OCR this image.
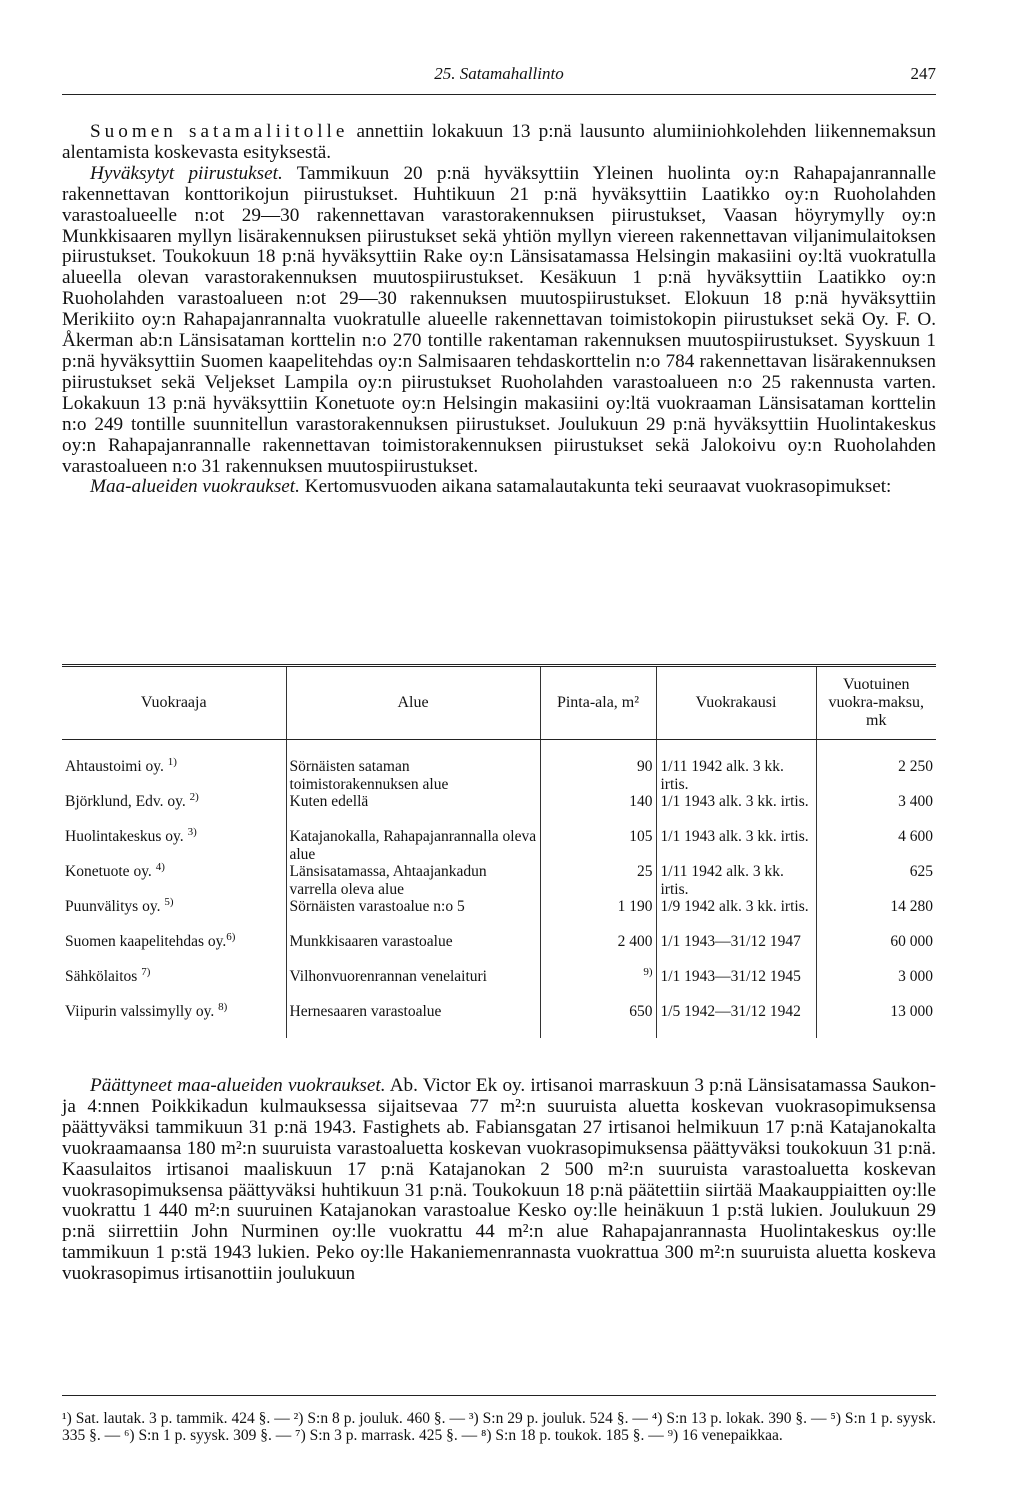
25. Satamahallinto	247

Suomen satamaliitolle annettiin lokakuun 13 p:nä lausunto alumiiniohkolehden liikennemaksun alentamista koskevasta esityksestä.

Hyväksytyt piirustukset. Tammikuun 20 p:nä hyväksyttiin Yleinen huolinta oy:n Rahapajanrannalle rakennettavan konttorikojun piirustukset. Huhtikuun 21 p:nä hyväksyttiin Laatikko oy:n Ruoholahden varastoalueelle n:ot 29—30 rakennettavan varastorakennuksen piirustukset, Vaasan höyrymylly oy:n Munkkisaaren myllyn lisärakennuksen piirustukset sekä yhtiön myllyn viereen rakennettavan viljanimulaitoksen piirustukset. Toukokuun 18 p:nä hyväksyttiin Rake oy:n Länsisatamassa Helsingin makasiini oy:ltä vuokratulla alueella olevan varastorakennuksen muutospiirustukset. Kesäkuun 1 p:nä hyväksyttiin Laatikko oy:n Ruoholahden varastoalueen n:ot 29—30 rakennuksen muutospiirustukset. Elokuun 18 p:nä hyväksyttiin Merikiito oy:n Rahapajanrannalta vuokratulle alueelle rakennettavan toimistokopin piirustukset sekä Oy. F. O. Åkerman ab:n Länsisataman korttelin n:o 270 tontille rakentaman rakennuksen muutospiirustukset. Syyskuun 1 p:nä hyväksyttiin Suomen kaapelitehdas oy:n Salmisaaren tehdaskorttelin n:o 784 rakennettavan lisärakennuksen piirustukset sekä Veljekset Lampila oy:n piirustukset Ruoholahden varastoalueen n:o 25 rakennusta varten. Lokakuun 13 p:nä hyväksyttiin Konetuote oy:n Helsingin makasiini oy:ltä vuokraaman Länsisataman korttelin n:o 249 tontille suunnitellun varastorakennuksen piirustukset. Joulukuun 29 p:nä hyväksyttiin Huolintakeskus oy:n Rahapajanrannalle rakennettavan toimistorakennuksen piirustukset sekä Jalokoivu oy:n Ruoholahden varastoalueen n:o 31 rakennuksen muutospiirustukset.

Maa-alueiden vuokraukset. Kertomusvuoden aikana satamalautakunta teki seuraavat vuokrasopimukset:

Vuokraaja	Alue	Pinta-ala, m²	Vuokrakausi	Vuotuinen vuokra-maksu, mk
Ahtaustoimi oy. $^{1)}$	Sörnäisten sataman toimistorakennuksen alue	90	1/11 1942 alk. 3 kk. irtis.	2 250
Björklund, Edv. oy. $^{2)}$	Kuten edellä	140	1/1 1943 alk. 3 kk. irtis.	3 400
Huolintakeskus oy. $^{3)}$	Katajanokalla, Rahapajanrannalla oleva alue	105	1/1 1943 alk. 3 kk. irtis.	4 600
Konetuote oy. $^{4)}$	Länsisatamassa, Ahtaajankadun varrella oleva alue	25	1/11 1942 alk. 3 kk. irtis.	625
Puunvälitys oy. $^{5)}$	Sörnäisten varastoalue n:o 5	1 190	1/9 1942 alk. 3 kk. irtis.	14 280
Suomen kaapelitehdas oy.$^{6)}$	Munkkisaaren varastoalue	2 400	1/1 1943—31/12 1947	60 000
Sähkölaitos $^{7)}$	Vilhonvuorenrannan venelaituri	$^{9)}$	1/1 1943—31/12 1945	3 000
Viipurin valssimylly oy. $^{8)}$	Hernesaaren varastoalue	650	1/5 1942—31/12 1942	13 000

Päättyneet maa-alueiden vuokraukset. Ab. Victor Ek oy. irtisanoi marraskuun 3 p:nä Länsisatamassa Saukon- ja 4:nnen Poikkikadun kulmauksessa sijaitsevaa 77 m²:n suuruista aluetta koskevan vuokrasopimuksensa päättyväksi tammikuun 31 p:nä 1943. Fastighets ab. Fabiansgatan 27 irtisanoi helmikuun 17 p:nä Katajanokalta vuokraamaansa 180 m²:n suuruista varastoaluetta koskevan vuokrasopimuksensa päättyväksi toukokuun 31 p:nä. Kaasulaitos irtisanoi maaliskuun 17 p:nä Katajanokan 2 500 m²:n suuruista varastoaluetta koskevan vuokrasopimuksensa päättyväksi huhtikuun 31 p:nä. Toukokuun 18 p:nä päätettiin siirtää Maakauppiaitten oy:lle vuokrattu 1 440 m²:n suuruinen Katajanokan varastoalue Kesko oy:lle heinäkuun 1 p:stä lukien. Joulukuun 29 p:nä siirrettiin John Nurminen oy:lle vuokrattu 44 m²:n alue Rahapajanrannasta Huolintakeskus oy:lle tammikuun 1 p:stä 1943 lukien. Peko oy:lle Hakaniemenrannasta vuokrattua 300 m²:n suuruista aluetta koskeva vuokrasopimus irtisanottiin joulukuun

¹) Sat. lautak. 3 p. tammik. 424 §. — ²) S:n 8 p. jouluk. 460 §. — ³) S:n 29 p. jouluk. 524 §. — ⁴) S:n 13 p. lokak. 390 §. — ⁵) S:n 1 p. syysk. 335 §. — ⁶) S:n 1 p. syysk. 309 §. — ⁷) S:n 3 p. marrask. 425 §. — ⁸) S:n 18 p. toukok. 185 §. — ⁹) 16 venepaikkaa.
